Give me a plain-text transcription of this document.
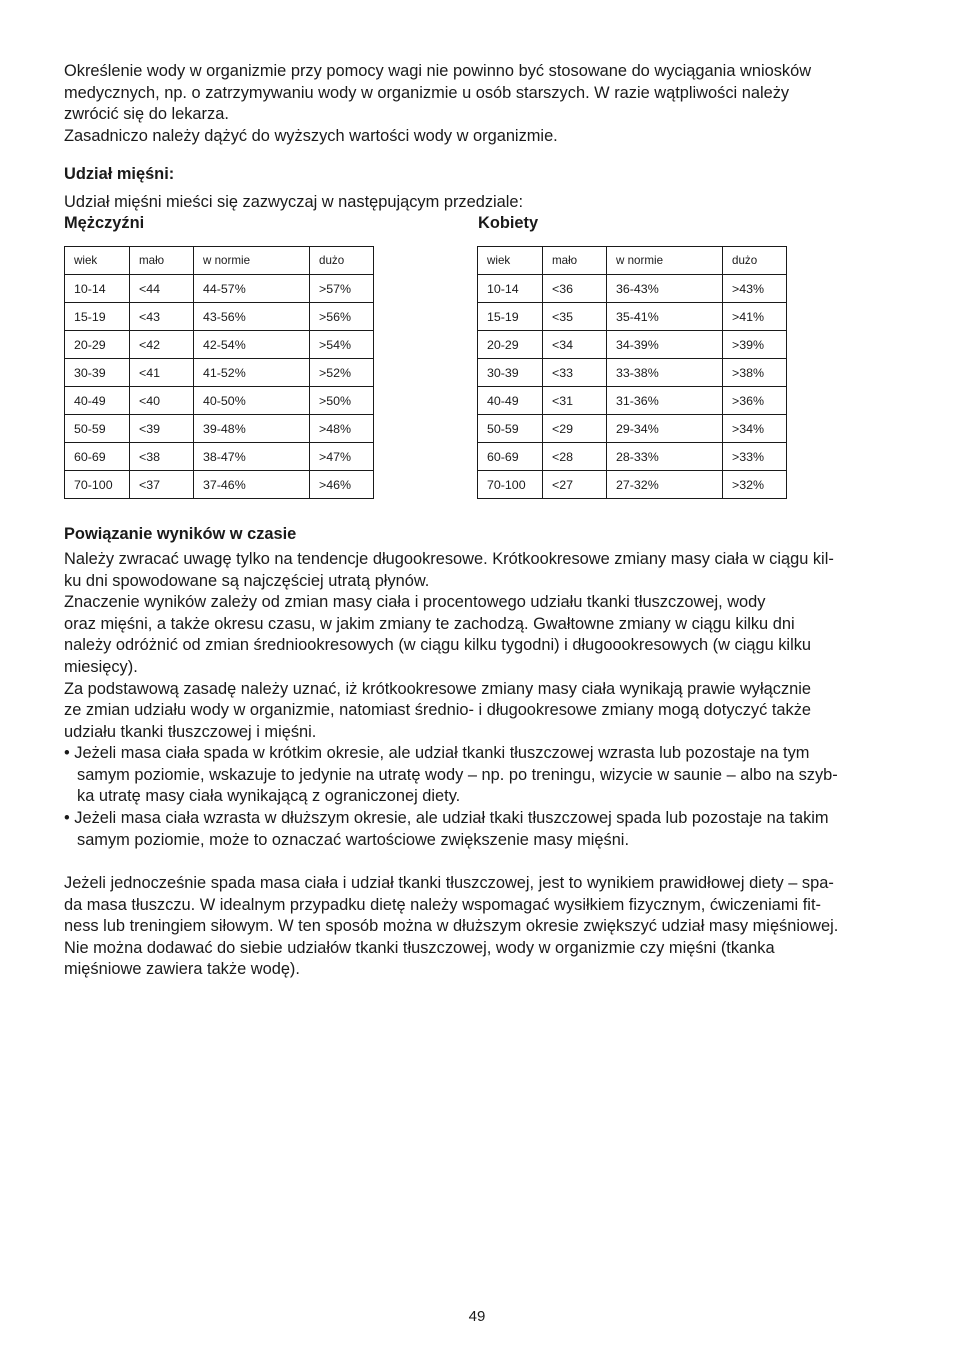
Określenie wody w organizmie przy pomocy wagi nie powinno być stosowane do wyciągania wniosków
medycznych, np. o zatrzymywaniu wody w organizmie u osób starszych. W razie wątpliwości należy
zwrócić się do lekarza.
Zasadniczo należy dążyć do wyższych wartości wody w organizmie.
Udział mięśni:
Udział mięśni mieści się zazwyczaj w następującym przedziale:
Mężczyźni	Kobiety
wiek	mało	w normie	dużo
10-14	<44	44-57%	>57%
15-19	<43	43-56%	>56%
20-29	<42	42-54%	>54%
30-39	<41	41-52%	>52%
40-49	<40	40-50%	>50%
50-59	<39	39-48%	>48%
60-69	<38	38-47%	>47%
70-100	<37	37-46%	>46%
wiek	mało	w normie	dużo
10-14	<36	36-43%	>43%
15-19	<35	35-41%	>41%
20-29	<34	34-39%	>39%
30-39	<33	33-38%	>38%
40-49	<31	31-36%	>36%
50-59	<29	29-34%	>34%
60-69	<28	28-33%	>33%
70-100	<27	27-32%	>32%
Powiązanie wyników w czasie
Należy zwracać uwagę tylko na tendencje długookresowe. Krótkookresowe zmiany masy ciała w ciągu kil-
ku dni spowodowane są najczęściej utratą płynów.
Znaczenie wyników zależy od zmian masy ciała i procentowego udziału tkanki tłuszczowej, wody
oraz mięśni, a także okresu czasu, w jakim zmiany te zachodzą. Gwałtowne zmiany w ciągu kilku dni
należy odróżnić od zmian średniookresowych (w ciągu kilku tygodni) i długoookresowych (w ciągu kilku
miesięcy).
Za podstawową zasadę należy uznać, iż krótkookresowe zmiany masy ciała wynikają prawie wyłącznie
ze zmian udziału wody w organizmie, natomiast średnio- i długookresowe zmiany mogą dotyczyć także
udziału tkanki tłuszczowej i mięśni.
• Jeżeli masa ciała spada w krótkim okresie, ale udział tkanki tłuszczowej wzrasta lub pozostaje na tym
samym poziomie, wskazuje to jedynie na utratę wody – np. po treningu, wizycie w saunie – albo na szyb-
ka utratę masy ciała wynikającą z ograniczonej diety.
• Jeżeli masa ciała wzrasta w dłuższym okresie, ale udział tkaki tłuszczowej spada lub pozostaje na takim
samym poziomie, może to oznaczać wartościowe zwiększenie masy mięśni.
Jeżeli jednocześnie spada masa ciała i udział tkanki tłuszczowej, jest to wynikiem prawidłowej diety – spa-
da masa tłuszczu. W idealnym przypadku dietę należy wspomagać wysiłkiem fizycznym, ćwiczeniami fit-
ness lub treningiem siłowym. W ten sposób można w dłuższym okresie zwiększyć udział masy mięśniowej.
Nie można dodawać do siebie udziałów tkanki tłuszczowej, wody w organizmie czy mięśni (tkanka
mięśniowe zawiera także wodę).
49
